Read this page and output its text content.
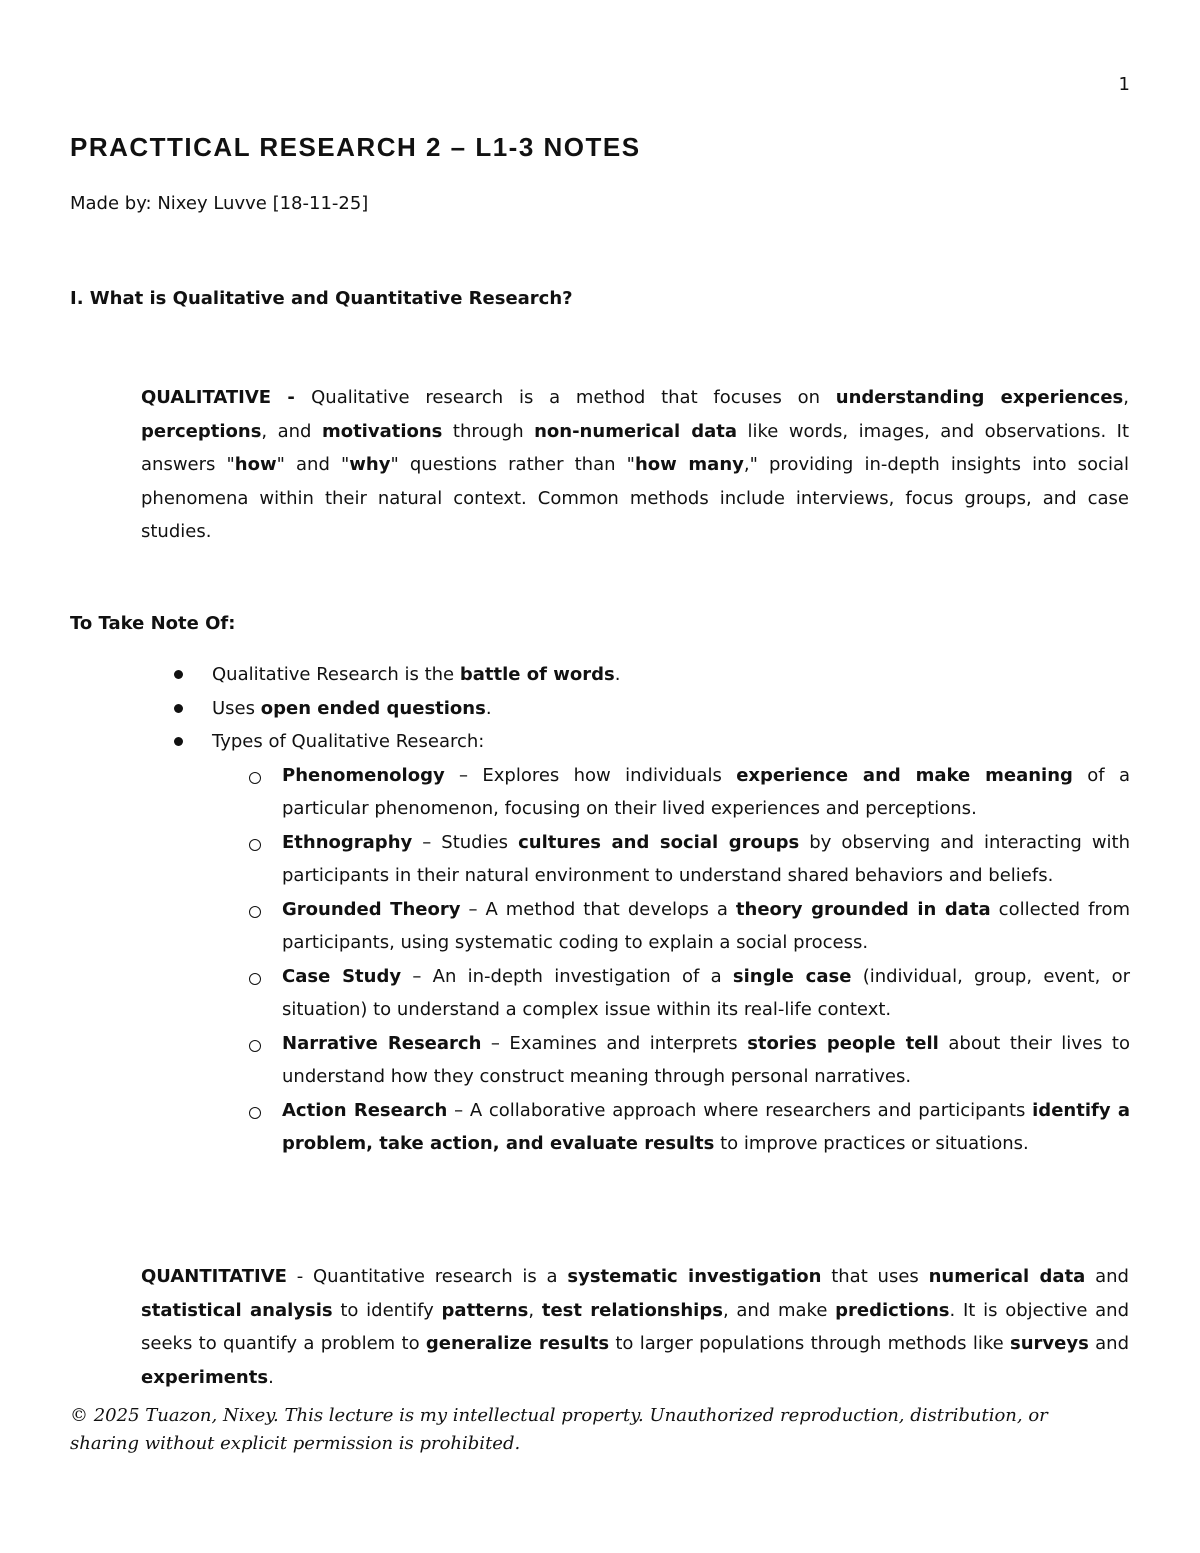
1
PRACTTICAL RESEARCH 2 – L1-3 NOTES
Made by: Nixey Luvve [18-11-25]
I. What is Qualitative and Quantitative Research?

QUALITATIVE - Qualitative research is a method that focuses on understanding experiences, perceptions, and motivations through non-numerical data like words, images, and observations. It answers "how" and "why" questions rather than "how many," providing in-depth insights into social phenomena within their natural context. Common methods include interviews, focus groups, and case studies.

To Take Note Of:
Qualitative Research is the battle of words.
Uses open ended questions.
Types of Qualitative Research:
Phenomenology – Explores how individuals experience and make meaning of a particular phenomenon, focusing on their lived experiences and perceptions.
Ethnography – Studies cultures and social groups by observing and interacting with participants in their natural environment to understand shared behaviors and beliefs.
Grounded Theory – A method that develops a theory grounded in data collected from participants, using systematic coding to explain a social process.
Case Study – An in-depth investigation of a single case (individual, group, event, or situation) to understand a complex issue within its real-life context.
Narrative Research – Examines and interprets stories people tell about their lives to understand how they construct meaning through personal narratives.
Action Research – A collaborative approach where researchers and participants identify a problem, take action, and evaluate results to improve practices or situations.

QUANTITATIVE - Quantitative research is a systematic investigation that uses numerical data and statistical analysis to identify patterns, test relationships, and make predictions. It is objective and seeks to quantify a problem to generalize results to larger populations through methods like surveys and experiments.

© 2025 Tuazon, Nixey. This lecture is my intellectual property. Unauthorized reproduction, distribution, or sharing without explicit permission is prohibited.
